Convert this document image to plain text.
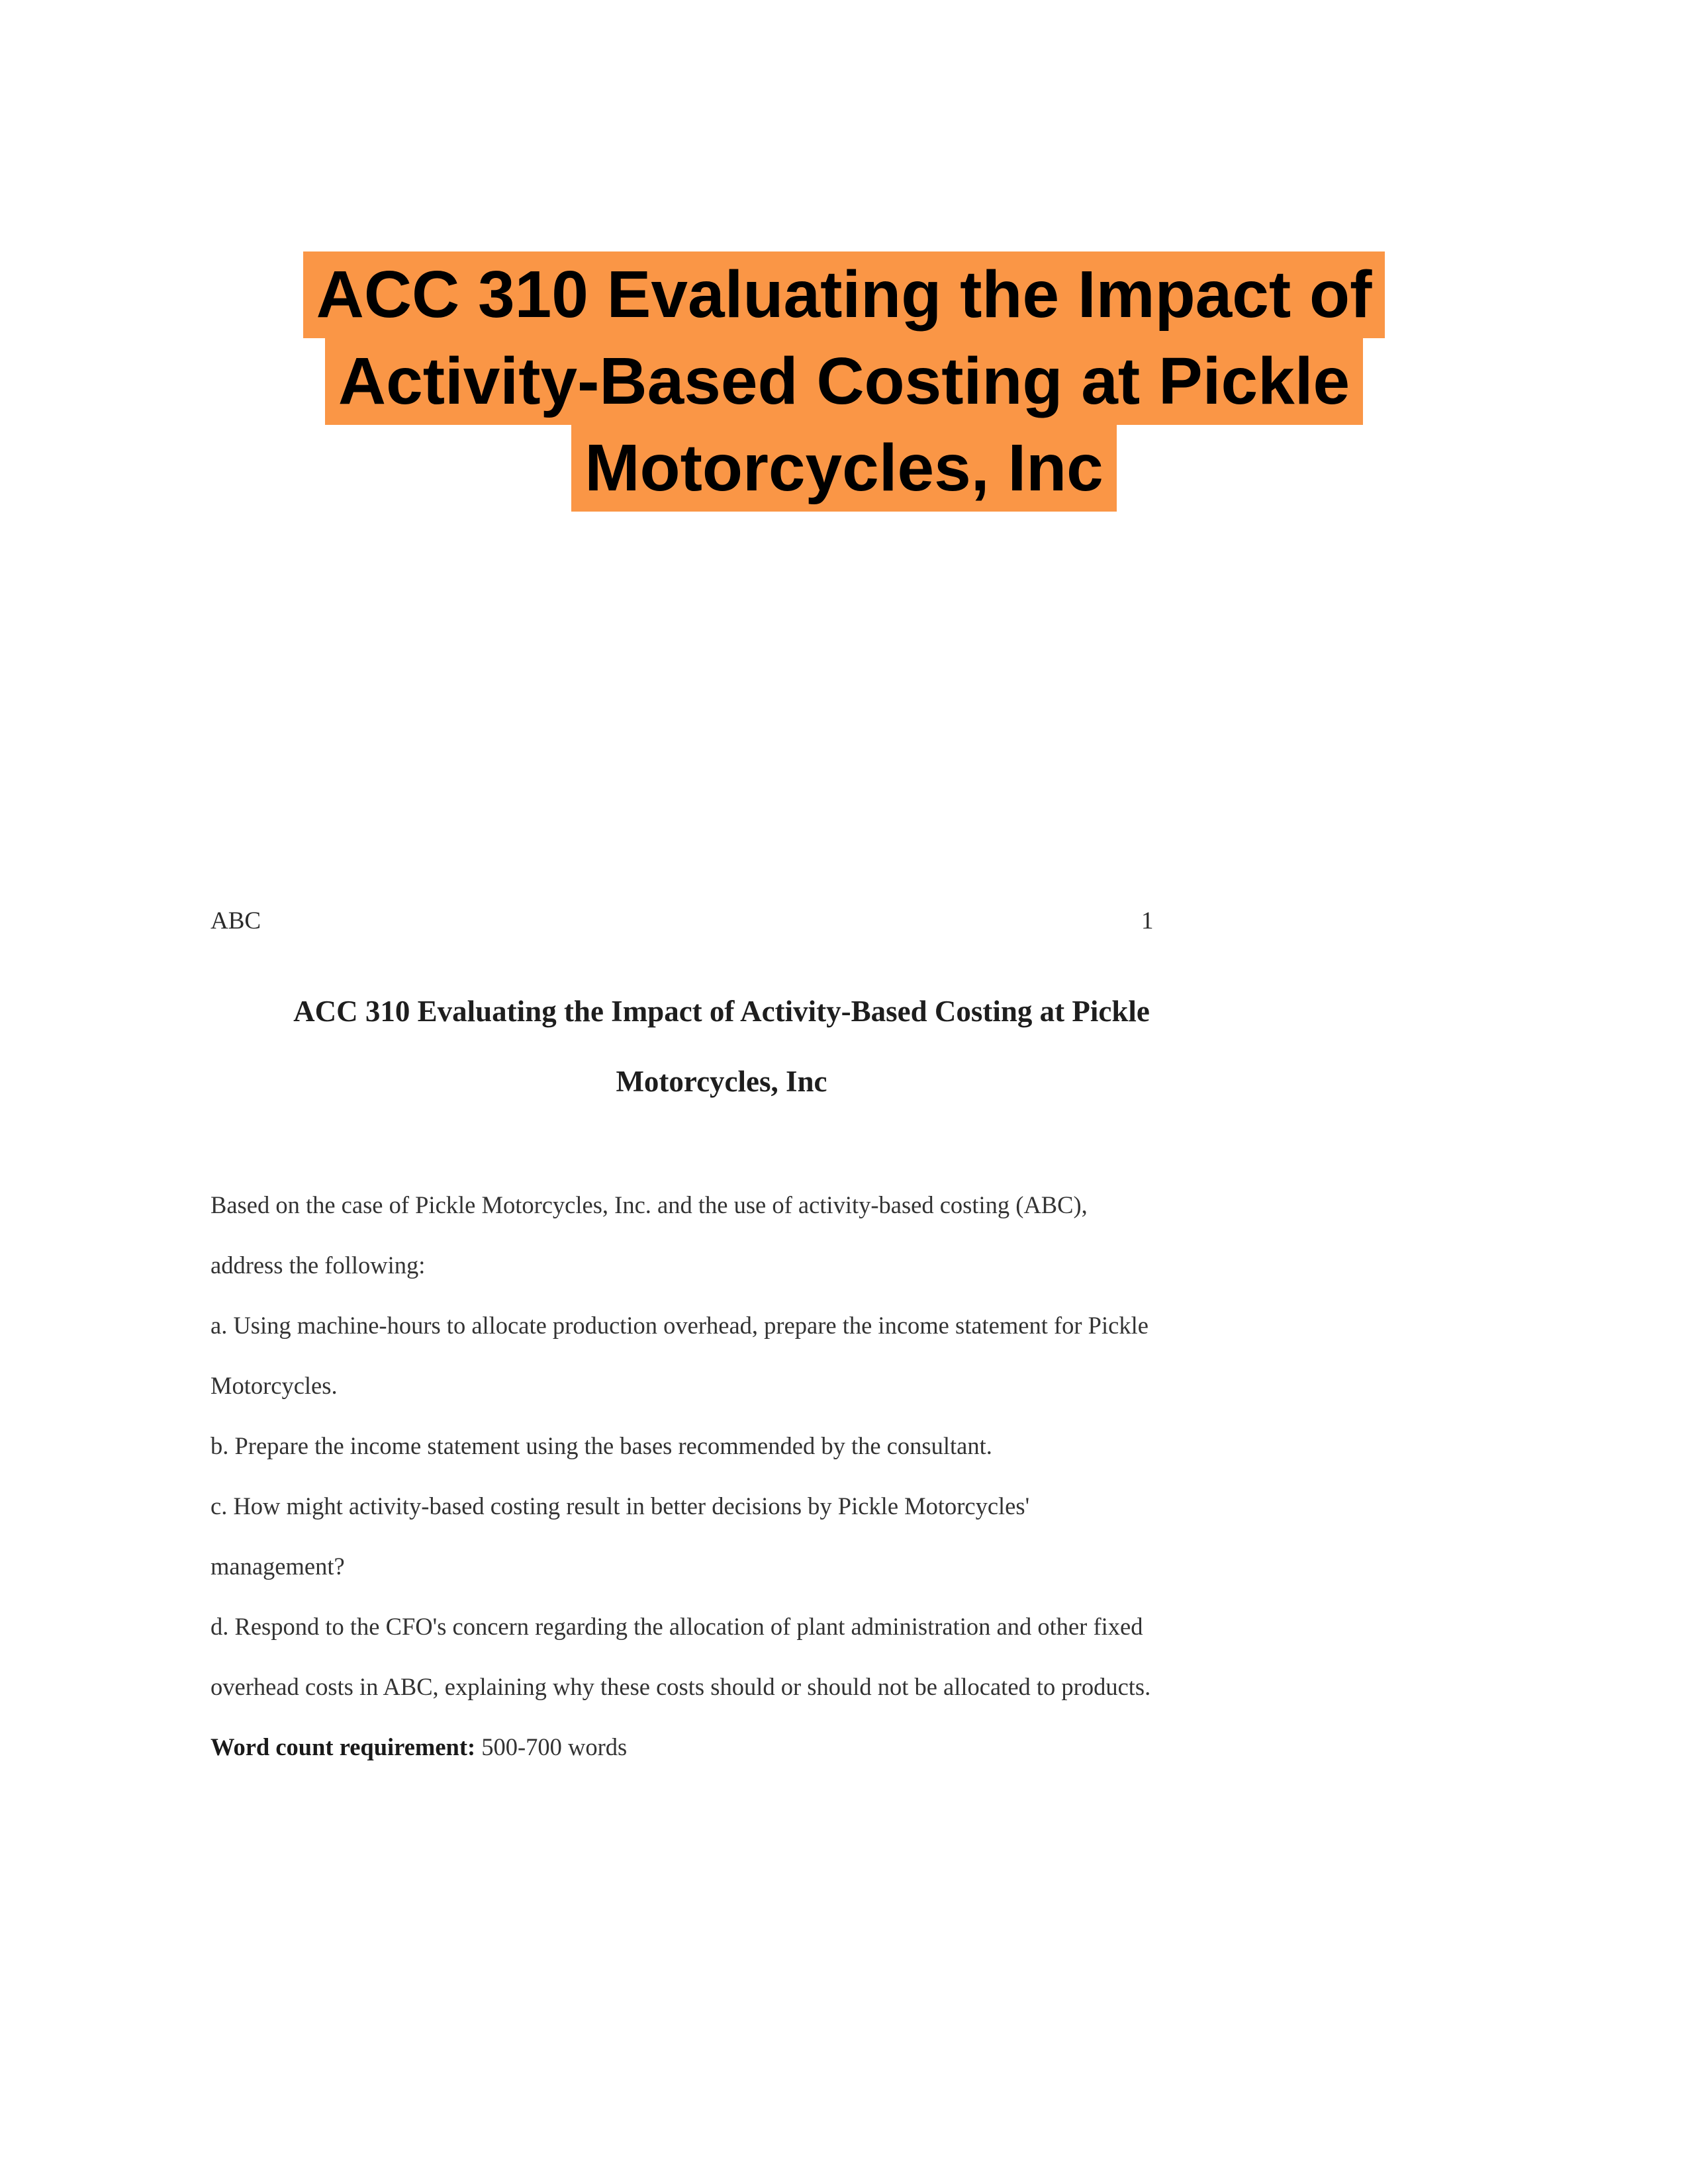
ACC 310 Evaluating the Impact of
Activity-Based Costing at Pickle
Motorcycles, Inc
ABC	1
ACC 310 Evaluating the Impact of Activity-Based Costing at Pickle
Motorcycles, Inc

Based on the case of Pickle Motorcycles, Inc. and the use of activity-based costing (ABC),

address the following:

a. Using machine-hours to allocate production overhead, prepare the income statement for Pickle

Motorcycles.

b. Prepare the income statement using the bases recommended by the consultant.

c. How might activity-based costing result in better decisions by Pickle Motorcycles'

management?

d. Respond to the CFO's concern regarding the allocation of plant administration and other fixed

overhead costs in ABC, explaining why these costs should or should not be allocated to products.

Word count requirement: 500-700 words
